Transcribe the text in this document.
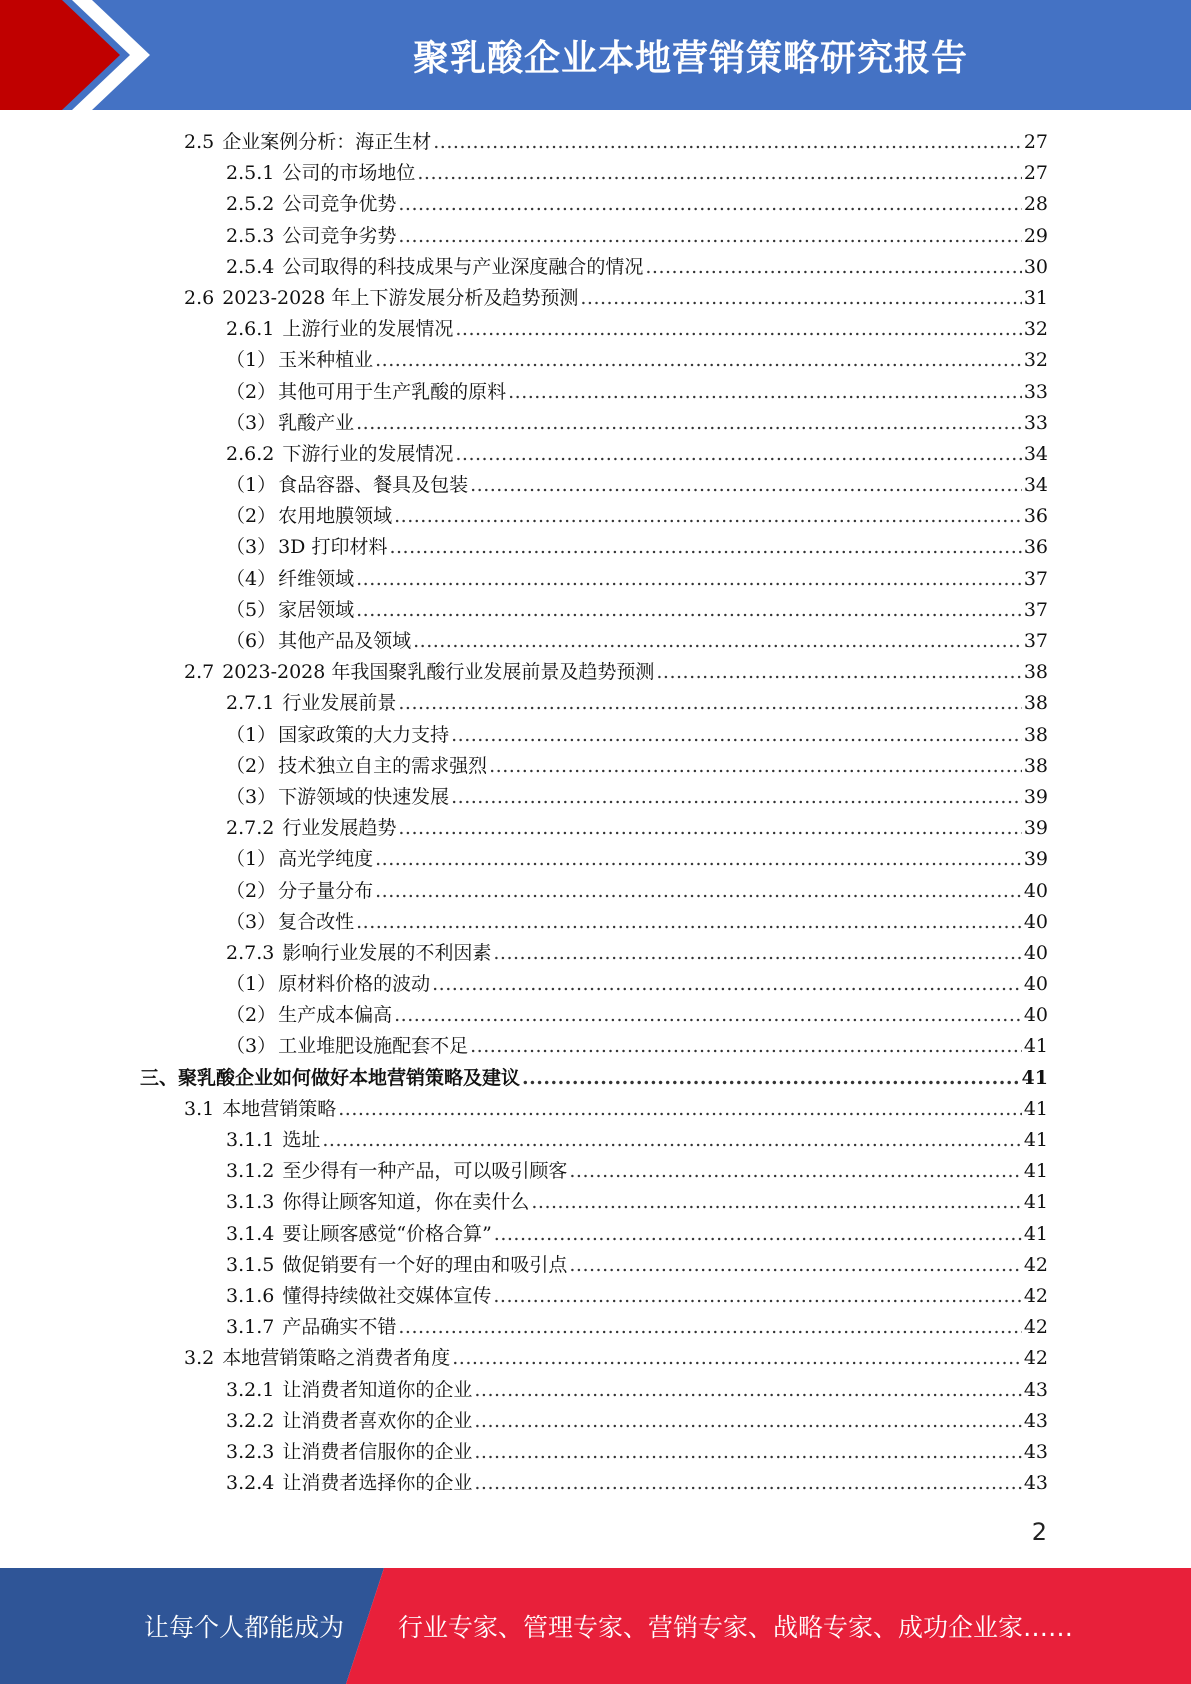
聚乳酸企业本地营销策略研究报告
2.5 企业案例分析：海正生材 .....	27
2.5.1 公司的市场地位 .....	27
2.5.2 公司竞争优势 .....	28
2.5.3 公司竞争劣势 .....	29
2.5.4 公司取得的科技成果与产业深度融合的情况 .....	30
2.6 2023-2028 年上下游发展分析及趋势预测 .....	31
2.6.1 上游行业的发展情况 .....	32
（1） 玉米种植业 .....	32
（2） 其他可用于生产乳酸的原料 .....	33
（3） 乳酸产业 .....	33
2.6.2 下游行业的发展情况 .....	34
（1） 食品容器、餐具及包装 .....	34
（2） 农用地膜领域 .....	36
（3） 3D 打印材料 .....	36
（4） 纤维领域 .....	37
（5） 家居领域 .....	37
（6） 其他产品及领域 .....	37
2.7 2023-2028 年我国聚乳酸行业发展前景及趋势预测 .....	38
2.7.1 行业发展前景 .....	38
（1） 国家政策的大力支持 .....	38
（2） 技术独立自主的需求强烈 .....	38
（3） 下游领域的快速发展 .....	39
2.7.2 行业发展趋势 .....	39
（1） 高光学纯度 .....	39
（2） 分子量分布 .....	40
（3） 复合改性 .....	40
2.7.3 影响行业发展的不利因素 .....	40
（1） 原材料价格的波动 .....	40
（2） 生产成本偏高 .....	40
（3） 工业堆肥设施配套不足 .....	41
三、 聚乳酸企业如何做好本地营销策略及建议 .....	41
3.1 本地营销策略 .....	41
3.1.1 选址 .....	41
3.1.2 至少得有一种产品，可以吸引顾客 .....	41
3.1.3 你得让顾客知道，你在卖什么 .....	41
3.1.4 要让顾客感觉“价格合算” .....	41
3.1.5 做促销要有一个好的理由和吸引点 .....	42
3.1.6 懂得持续做社交媒体宣传 .....	42
3.1.7 产品确实不错 .....	42
3.2 本地营销策略之消费者角度 .....	42
3.2.1 让消费者知道你的企业 .....	43
3.2.2 让消费者喜欢你的企业 .....	43
3.2.3 让消费者信服你的企业 .....	43
3.2.4 让消费者选择你的企业 .....	43
2
让每个人都能成为 行业专家、管理专家、营销专家、战略专家、成功企业家……
